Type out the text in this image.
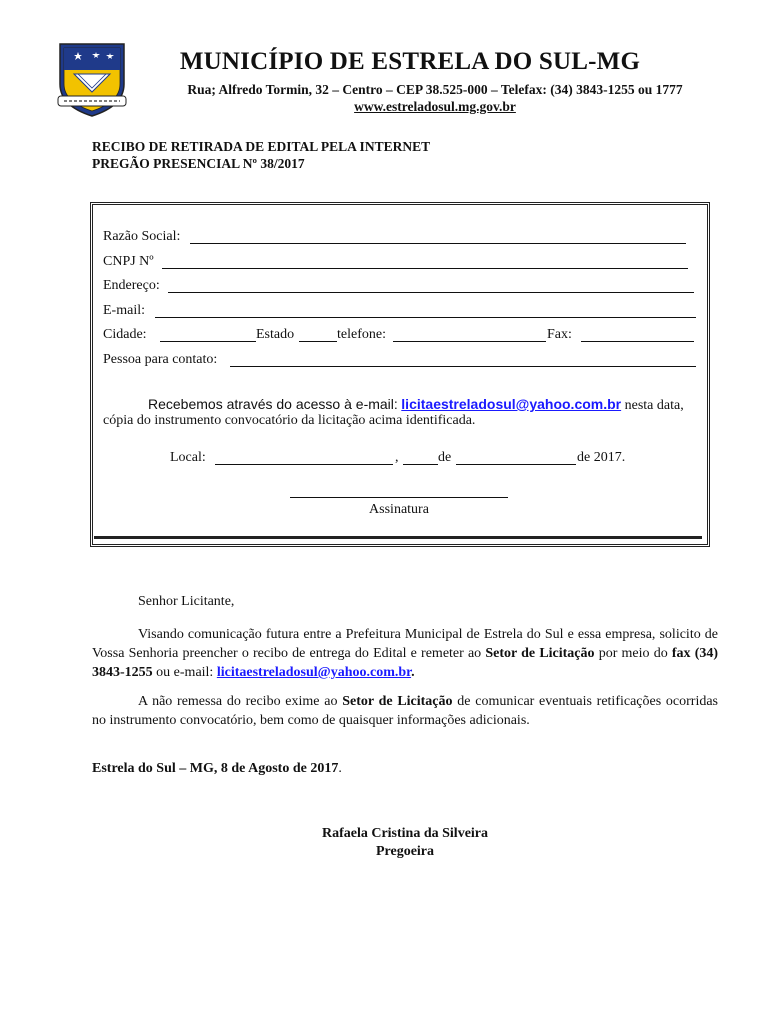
MUNICÍPIO DE ESTRELA DO SUL-MG
Rua; Alfredo Tormin, 32 – Centro – CEP 38.525-000 – Telefax: (34) 3843-1255 ou 1777
www.estreladosul.mg.gov.br
RECIBO DE RETIRADA DE EDITAL PELA INTERNET
PREGÃO PRESENCIAL Nº 38/2017
Razão Social:
CNPJ Nº
Endereço:
E-mail:
Cidade:	Estado	telefone:	Fax:
Pessoa para contato:
Recebemos através do acesso à e-mail: licitaestreladosul@yahoo.com.br nesta data,
cópia do instrumento convocatório da licitação acima identificada.
Local:	,	de	de 2017.
Assinatura
Senhor Licitante,
Visando comunicação futura entre a Prefeitura Municipal de Estrela do Sul e essa empresa, solicito de Vossa Senhoria preencher o recibo de entrega do Edital e remeter ao Setor de Licitação por meio do fax (34) 3843-1255 ou e-mail: licitaestreladosul@yahoo.com.br.
A não remessa do recibo exime ao Setor de Licitação de comunicar eventuais retificações ocorridas no instrumento convocatório, bem como de quaisquer informações adicionais.
Estrela do Sul – MG, 8 de Agosto de 2017.
Rafaela Cristina da Silveira
Pregoeira
